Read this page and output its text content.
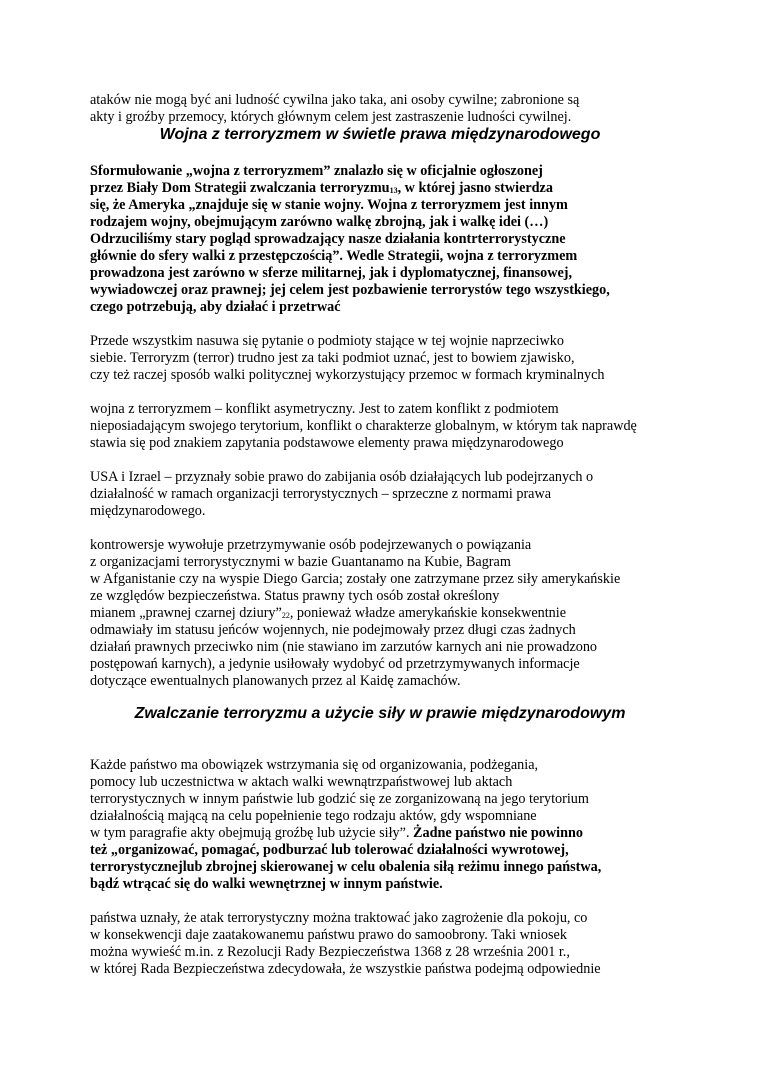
ataków nie mogą być ani ludność cywilna jako taka, ani osoby cywilne; zabronione są
akty i groźby przemocy, których głównym celem jest zastraszenie ludności cywilnej.
Wojna z terroryzmem w świetle prawa międzynarodowego
Sformułowanie „wojna z terroryzmem” znalazło się w oficjalnie ogłoszonej
przez Biały Dom Strategii zwalczania terroryzmu$_{13}$, w której jasno stwierdza
się, że Ameryka „znajduje się w stanie wojny. Wojna z terroryzmem jest innym
rodzajem wojny, obejmującym zarówno walkę zbrojną, jak i walkę idei (…)
Odrzuciliśmy stary pogląd sprowadzający nasze działania kontrterrorystyczne
głównie do sfery walki z przestępczością”. Wedle Strategii, wojna z terroryzmem
prowadzona jest zarówno w sferze militarnej, jak i dyplomatycznej, finansowej,
wywiadowczej oraz prawnej; jej celem jest pozbawienie terrorystów tego wszystkiego,
czego potrzebują, aby działać i przetrwać
Przede wszystkim nasuwa się pytanie o podmioty stające w tej wojnie naprzeciwko
siebie. Terroryzm (terror) trudno jest za taki podmiot uznać, jest to bowiem zjawisko,
czy też raczej sposób walki politycznej wykorzystujący przemoc w formach kryminalnych
wojna z terroryzmem – konflikt asymetryczny. Jest to zatem konflikt z podmiotem
nieposiadającym swojego terytorium, konflikt o charakterze globalnym, w którym tak naprawdę
stawia się pod znakiem zapytania podstawowe elementy prawa międzynarodowego
USA i Izrael – przyznały sobie prawo do zabijania osób działających lub podejrzanych o
działalność w ramach organizacji terrorystycznych – sprzeczne z normami prawa
międzynarodowego.
kontrowersje wywołuje przetrzymywanie osób podejrzewanych o powiązania
z organizacjami terrorystycznymi w bazie Guantanamo na Kubie, Bagram
w Afganistanie czy na wyspie Diego Garcia; zostały one zatrzymane przez siły amerykańskie
ze względów bezpieczeństwa. Status prawny tych osób został określony
mianem „prawnej czarnej $dziury”_{22}$, ponieważ władze amerykańskie konsekwentnie
odmawiały im statusu jeńców wojennych, nie podejmowały przez długi czas żadnych
działań prawnych przeciwko nim (nie stawiano im zarzutów karnych ani nie prowadzono
postępowań karnych), a jedynie usiłowały wydobyć od przetrzymywanych informacje
dotyczące ewentualnych planowanych przez al Kaidę zamachów.
Zwalczanie terroryzmu a użycie siły w prawie międzynarodowym
Każde państwo ma obowiązek wstrzymania się od organizowania, podżegania,
pomocy lub uczestnictwa w aktach walki wewnątrzpaństwowej lub aktach
terrorystycznych w innym państwie lub godzić się ze zorganizowaną na jego terytorium
działalnością mającą na celu popełnienie tego rodzaju aktów, gdy wspomniane
w tym paragrafie akty obejmują groźbę lub użycie siły”. Żadne państwo nie powinno
też „organizować, pomagać, podburzać lub tolerować działalności wywrotowej,
terrorystycznejlub zbrojnej skierowanej w celu obalenia siłą reżimu innego państwa,
bądź wtrącać się do walki wewnętrznej w innym państwie.
państwa uznały, że atak terrorystyczny można traktować jako zagrożenie dla pokoju, co
w konsekwencji daje zaatakowanemu państwu prawo do samoobrony. Taki wniosek
można wywieść m.in. z Rezolucji Rady Bezpieczeństwa 1368 z 28 września 2001 r.,
w której Rada Bezpieczeństwa zdecydowała, że wszystkie państwa podejmą odpowiednie
